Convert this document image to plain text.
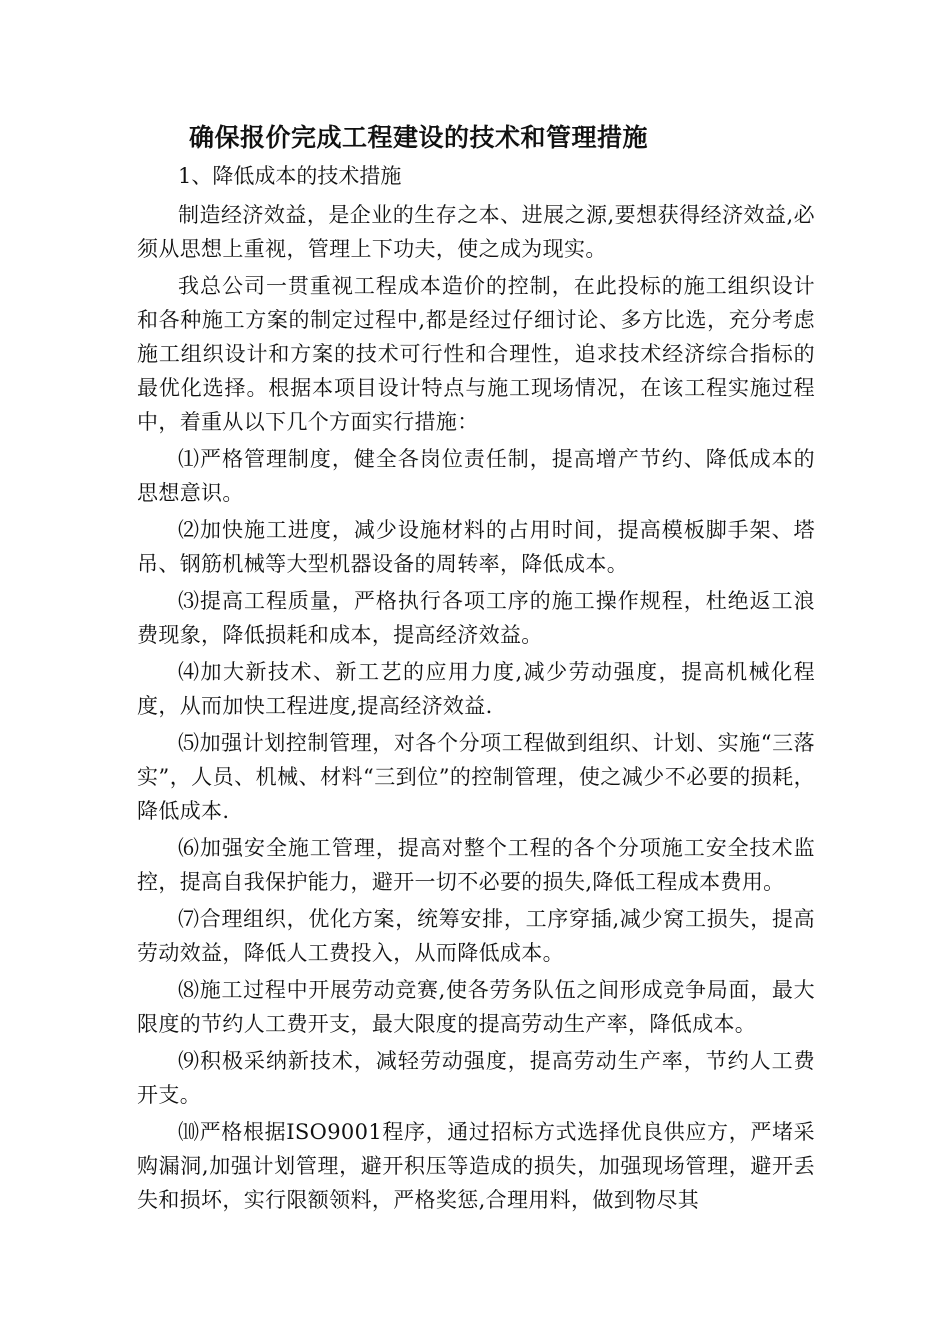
确保报价完成工程建设的技术和管理措施
1、降低成本的技术措施

制造经济效益，是企业的生存之本、进展之源,要想获得经济效益,必须从思想上重视，管理上下功夫，使之成为现实。

我总公司一贯重视工程成本造价的控制，在此投标的施工组织设计和各种施工方案的制定过程中,都是经过仔细讨论、多方比选，充分考虑施工组织设计和方案的技术可行性和合理性，追求技术经济综合指标的最优化选择。根据本项目设计特点与施工现场情况，在该工程实施过程中，着重从以下几个方面实行措施：

⑴严格管理制度，健全各岗位责任制，提高增产节约、降低成本的思想意识。

⑵加快施工进度，减少设施材料的占用时间，提高模板脚手架、塔吊、钢筋机械等大型机器设备的周转率，降低成本。

⑶提高工程质量，严格执行各项工序的施工操作规程，杜绝返工浪费现象，降低损耗和成本，提高经济效益。

⑷加大新技术、新工艺的应用力度,减少劳动强度，提高机械化程度，从而加快工程进度,提高经济效益.

⑸加强计划控制管理，对各个分项工程做到组织、计划、实施“三落实”，人员、机械、材料“三到位”的控制管理，使之减少不必要的损耗，降低成本.

⑹加强安全施工管理，提高对整个工程的各个分项施工安全技术监控，提高自我保护能力，避开一切不必要的损失,降低工程成本费用。

⑺合理组织，优化方案，统筹安排，工序穿插,减少窝工损失，提高劳动效益，降低人工费投入，从而降低成本。

⑻施工过程中开展劳动竞赛,使各劳务队伍之间形成竞争局面，最大限度的节约人工费开支，最大限度的提高劳动生产率，降低成本。

⑼积极采纳新技术，减轻劳动强度，提高劳动生产率，节约人工费开支。

⑽严格根据ISO9001程序，通过招标方式选择优良供应方，严堵采购漏洞,加强计划管理，避开积压等造成的损失，加强现场管理，避开丢失和损坏，实行限额领料，严格奖惩,合理用料，做到物尽其
